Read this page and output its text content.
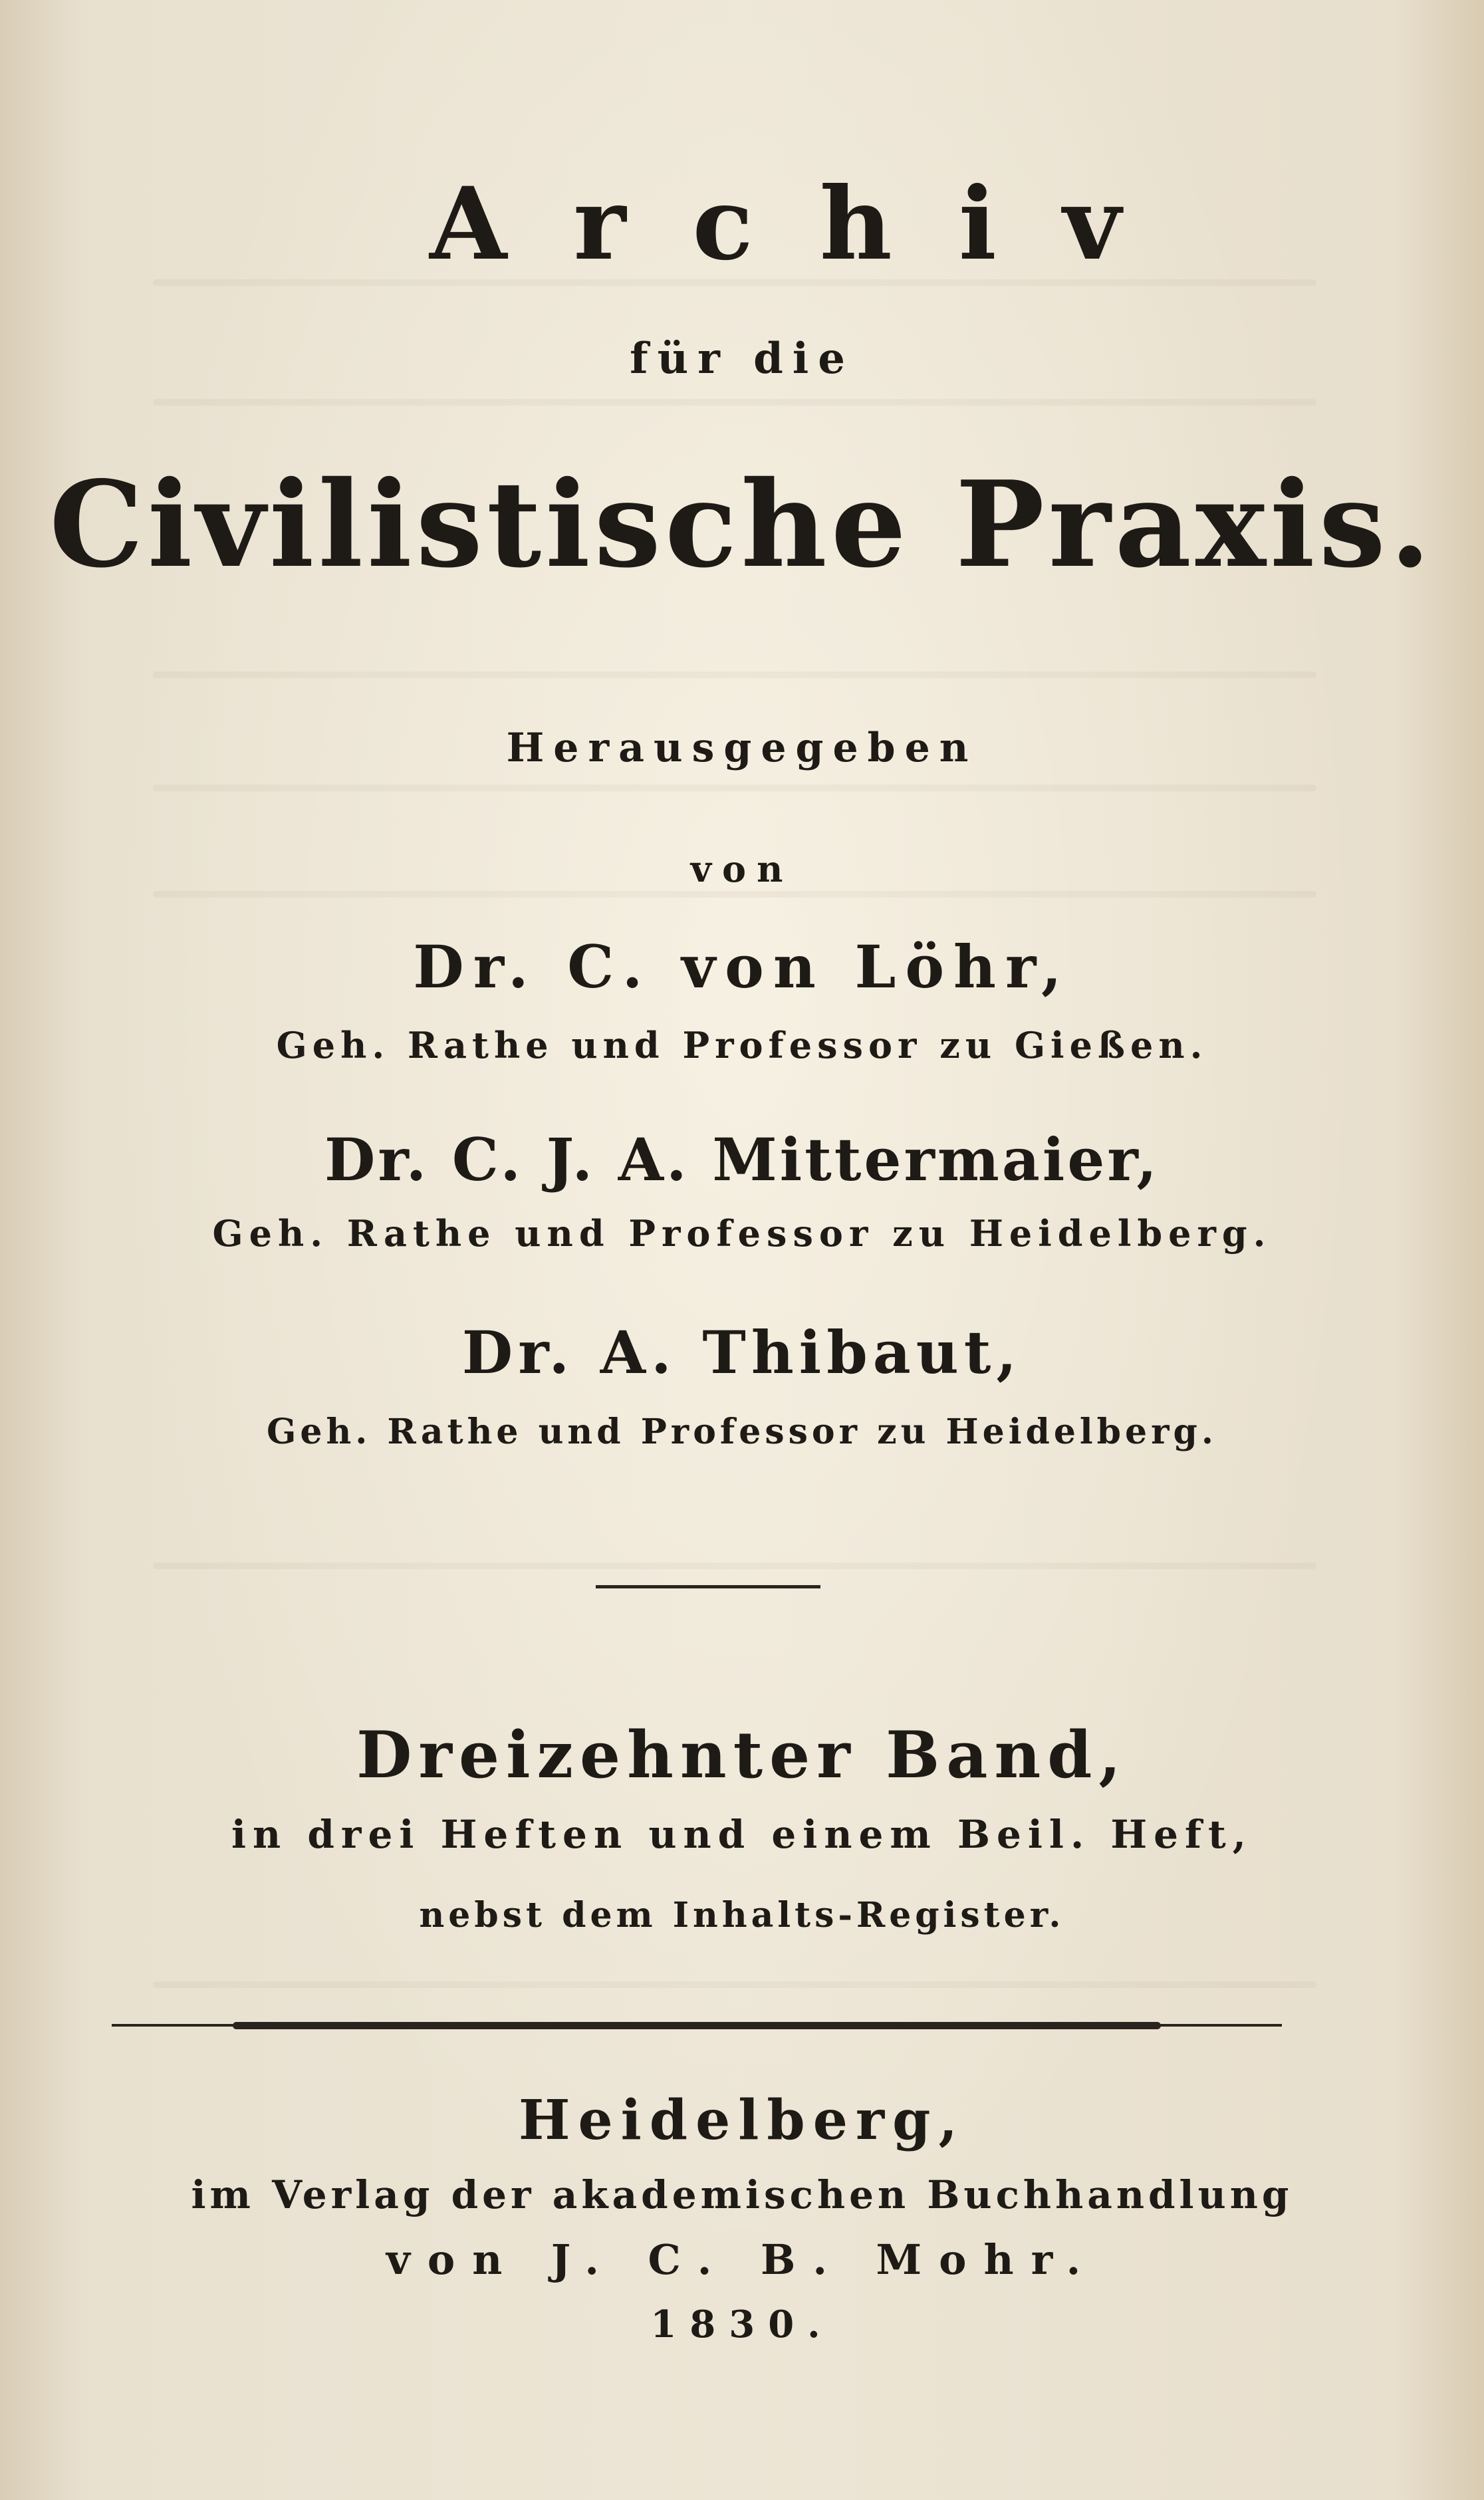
Archiv

für die

Civilistische Praxis.

Herausgegeben

von

Dr. C. von Löhr,

Geh. Rathe und Professor zu Gießen.

Dr. C. J. A. Mittermaier,

Geh. Rathe und Professor zu Heidelberg.

Dr. A. Thibaut,

Geh. Rathe und Professor zu Heidelberg.

Dreizehnter Band,

in drei Heften und einem Beil. Heft,

nebst dem Inhalts-Register.

Heidelberg,

im Verlag der akademischen Buchhandlung

von J. C. B. Mohr.

1830.
